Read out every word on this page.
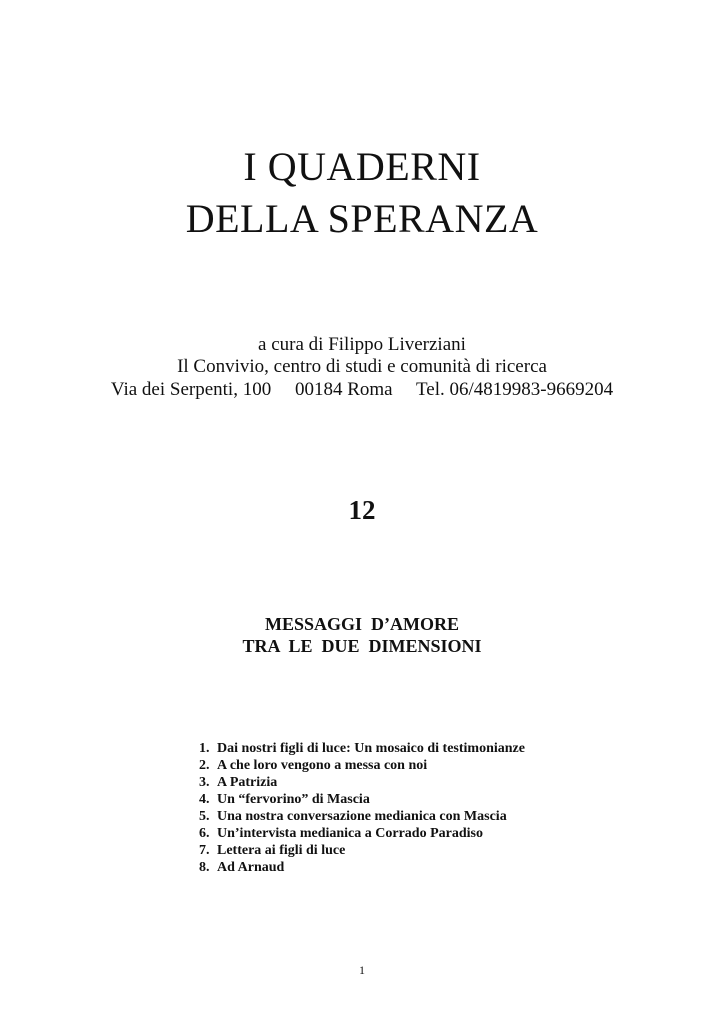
I QUADERNI
DELLA SPERANZA
a cura di Filippo Liverziani
Il Convivio, centro di studi e comunità di ricerca
Via dei Serpenti, 100     00184 Roma     Tel. 06/4819983-9669204
12
MESSAGGI  D’AMORE
TRA  LE  DUE  DIMENSIONI
1. Dai nostri figli di luce: Un mosaico di testimonianze
2. A che loro vengono a messa con noi
3. A Patrizia
4. Un “fervorino” di Mascia
5. Una nostra conversazione medianica con Mascia
6. Un’intervista medianica a Corrado Paradiso
7. Lettera ai figli di luce
8. Ad Arnaud
1
